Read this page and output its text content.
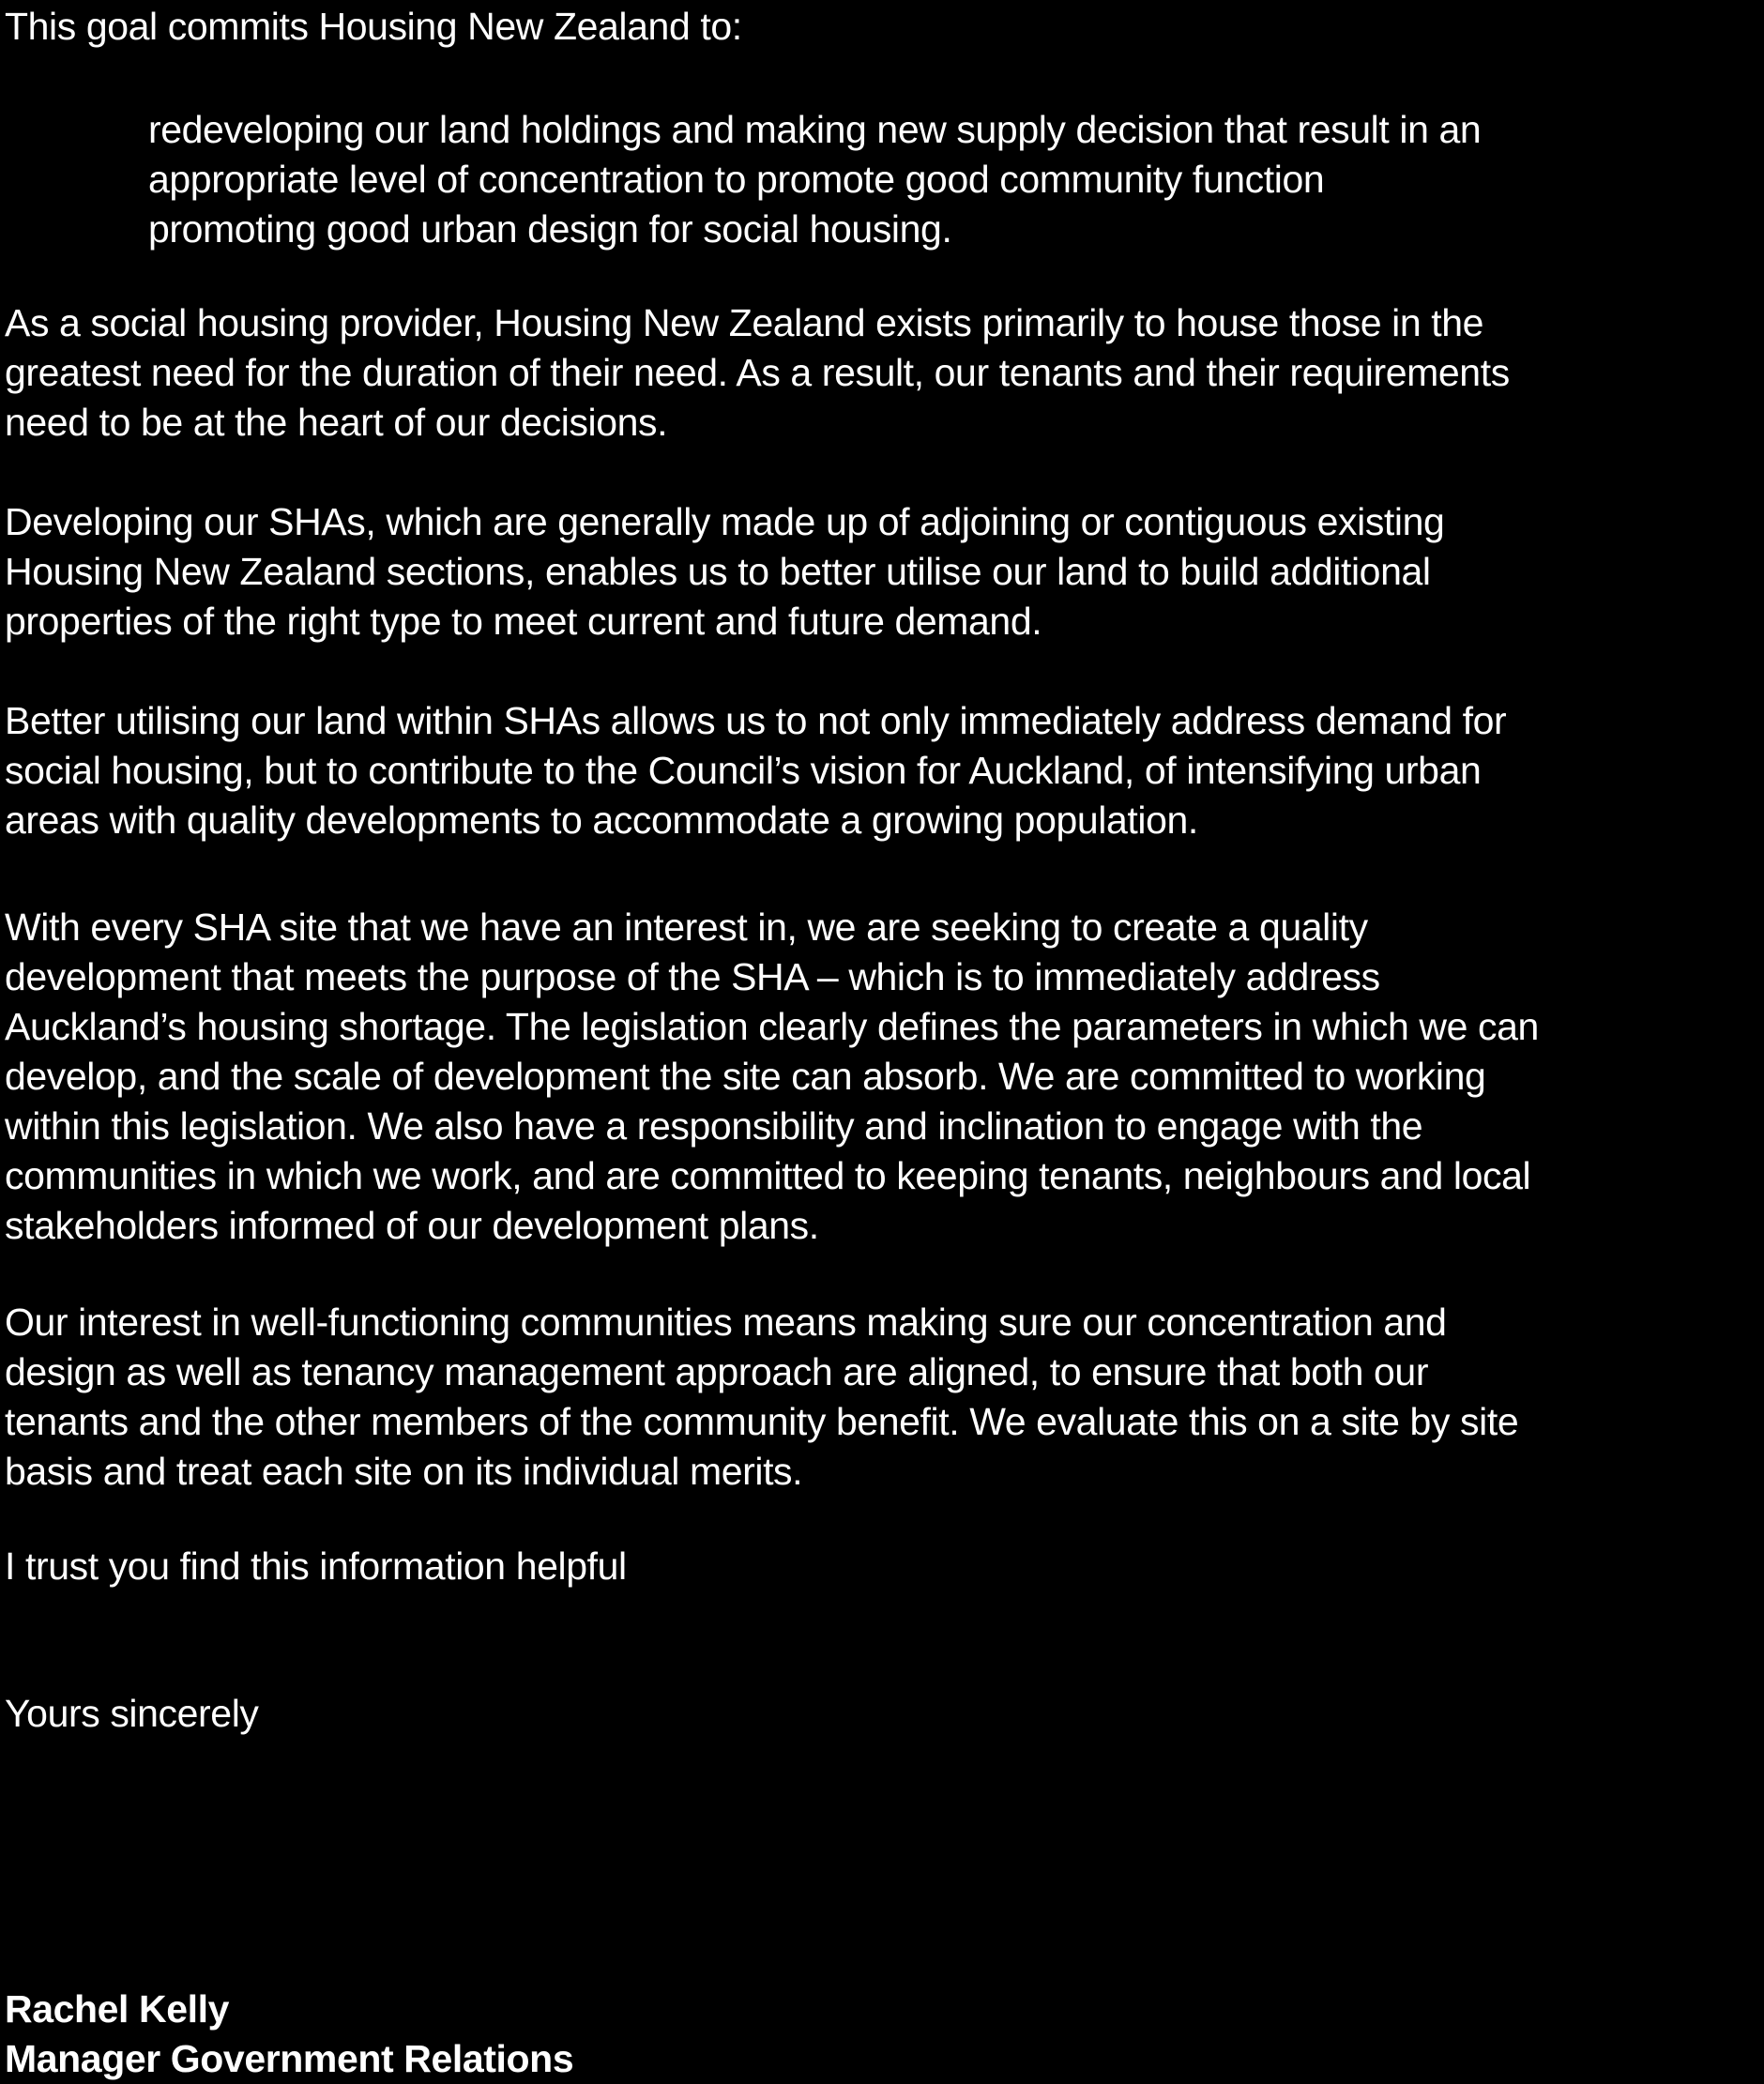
This goal commits Housing New Zealand to:
redeveloping our land holdings and making new supply decision that result in an
appropriate level of concentration to promote good community function
promoting good urban design for social housing.
As a social housing provider, Housing New Zealand exists primarily to house those in the
greatest need for the duration of their need. As a result, our tenants and their requirements
need to be at the heart of our decisions.
Developing our SHAs, which are generally made up of adjoining or contiguous existing
Housing New Zealand sections, enables us to better utilise our land to build additional
properties of the right type to meet current and future demand.
Better utilising our land within SHAs allows us to not only immediately address demand for
social housing, but to contribute to the Council’s vision for Auckland, of intensifying urban
areas with quality developments to accommodate a growing population.
With every SHA site that we have an interest in, we are seeking to create a quality
development that meets the purpose of the SHA – which is to immediately address
Auckland’s housing shortage. The legislation clearly defines the parameters in which we can
develop, and the scale of development the site can absorb. We are committed to working
within this legislation. We also have a responsibility and inclination to engage with the
communities in which we work, and are committed to keeping tenants, neighbours and local
stakeholders informed of our development plans.
Our interest in well-functioning communities means making sure our concentration and
design as well as tenancy management approach are aligned, to ensure that both our
tenants and the other members of the community benefit. We evaluate this on a site by site
basis and treat each site on its individual merits.
I trust you find this information helpful
Yours sincerely
Rachel Kelly
Manager Government Relations
